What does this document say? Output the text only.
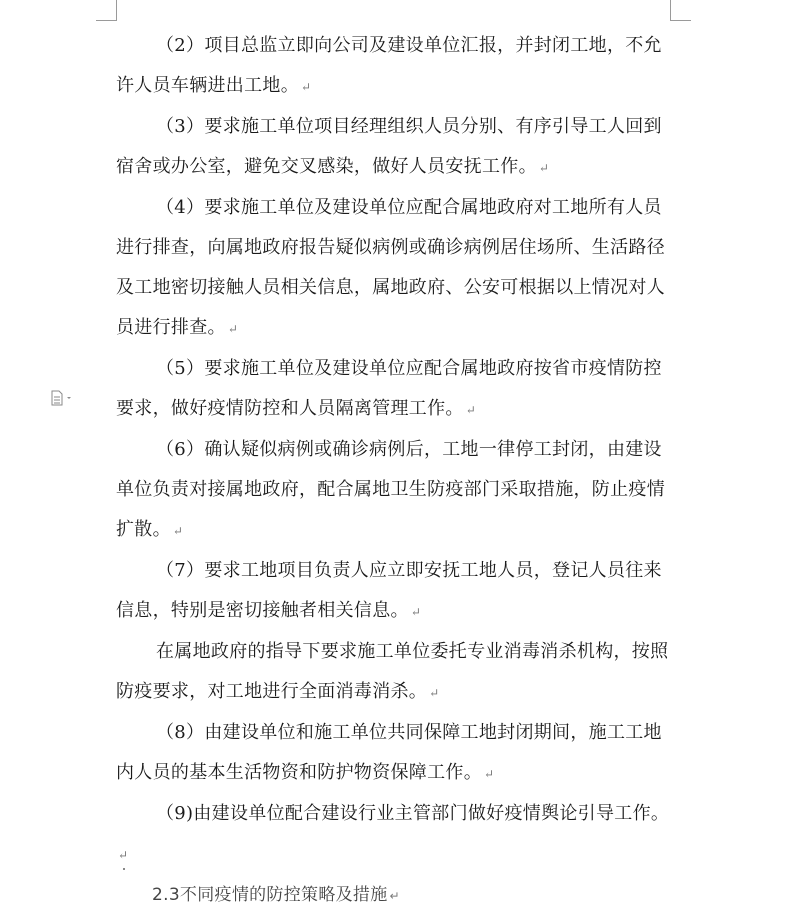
（2）项目总监立即向公司及建设单位汇报，并封闭工地，不允许人员车辆进出工地。 ↵

（3）要求施工单位项目经理组织人员分别、有序引导工人回到宿舍或办公室，避免交叉感染，做好人员安抚工作。 ↵

（4）要求施工单位及建设单位应配合属地政府对工地所有人员进行排查，向属地政府报告疑似病例或确诊病例居住场所、生活路径及工地密切接触人员相关信息，属地政府、公安可根据以上情况对人员进行排查。 ↵

（5）要求施工单位及建设单位应配合属地政府按省市疫情防控要求，做好疫情防控和人员隔离管理工作。 ↵

（6）确认疑似病例或确诊病例后，工地一律停工封闭，由建设单位负责对接属地政府，配合属地卫生防疫部门采取措施，防止疫情扩散。 ↵

（7）要求工地项目负责人应立即安抚工地人员，登记人员往来信息，特别是密切接触者相关信息。 ↵

在属地政府的指导下要求施工单位委托专业消毒消杀机构，按照防疫要求，对工地进行全面消毒消杀。 ↵

（8）由建设单位和施工单位共同保障工地封闭期间，施工工地内人员的基本生活物资和防护物资保障工作。 ↵

（9)由建设单位配合建设行业主管部门做好疫情舆论引导工作。↵

2.3不同疫情的防控策略及措施 ↵
